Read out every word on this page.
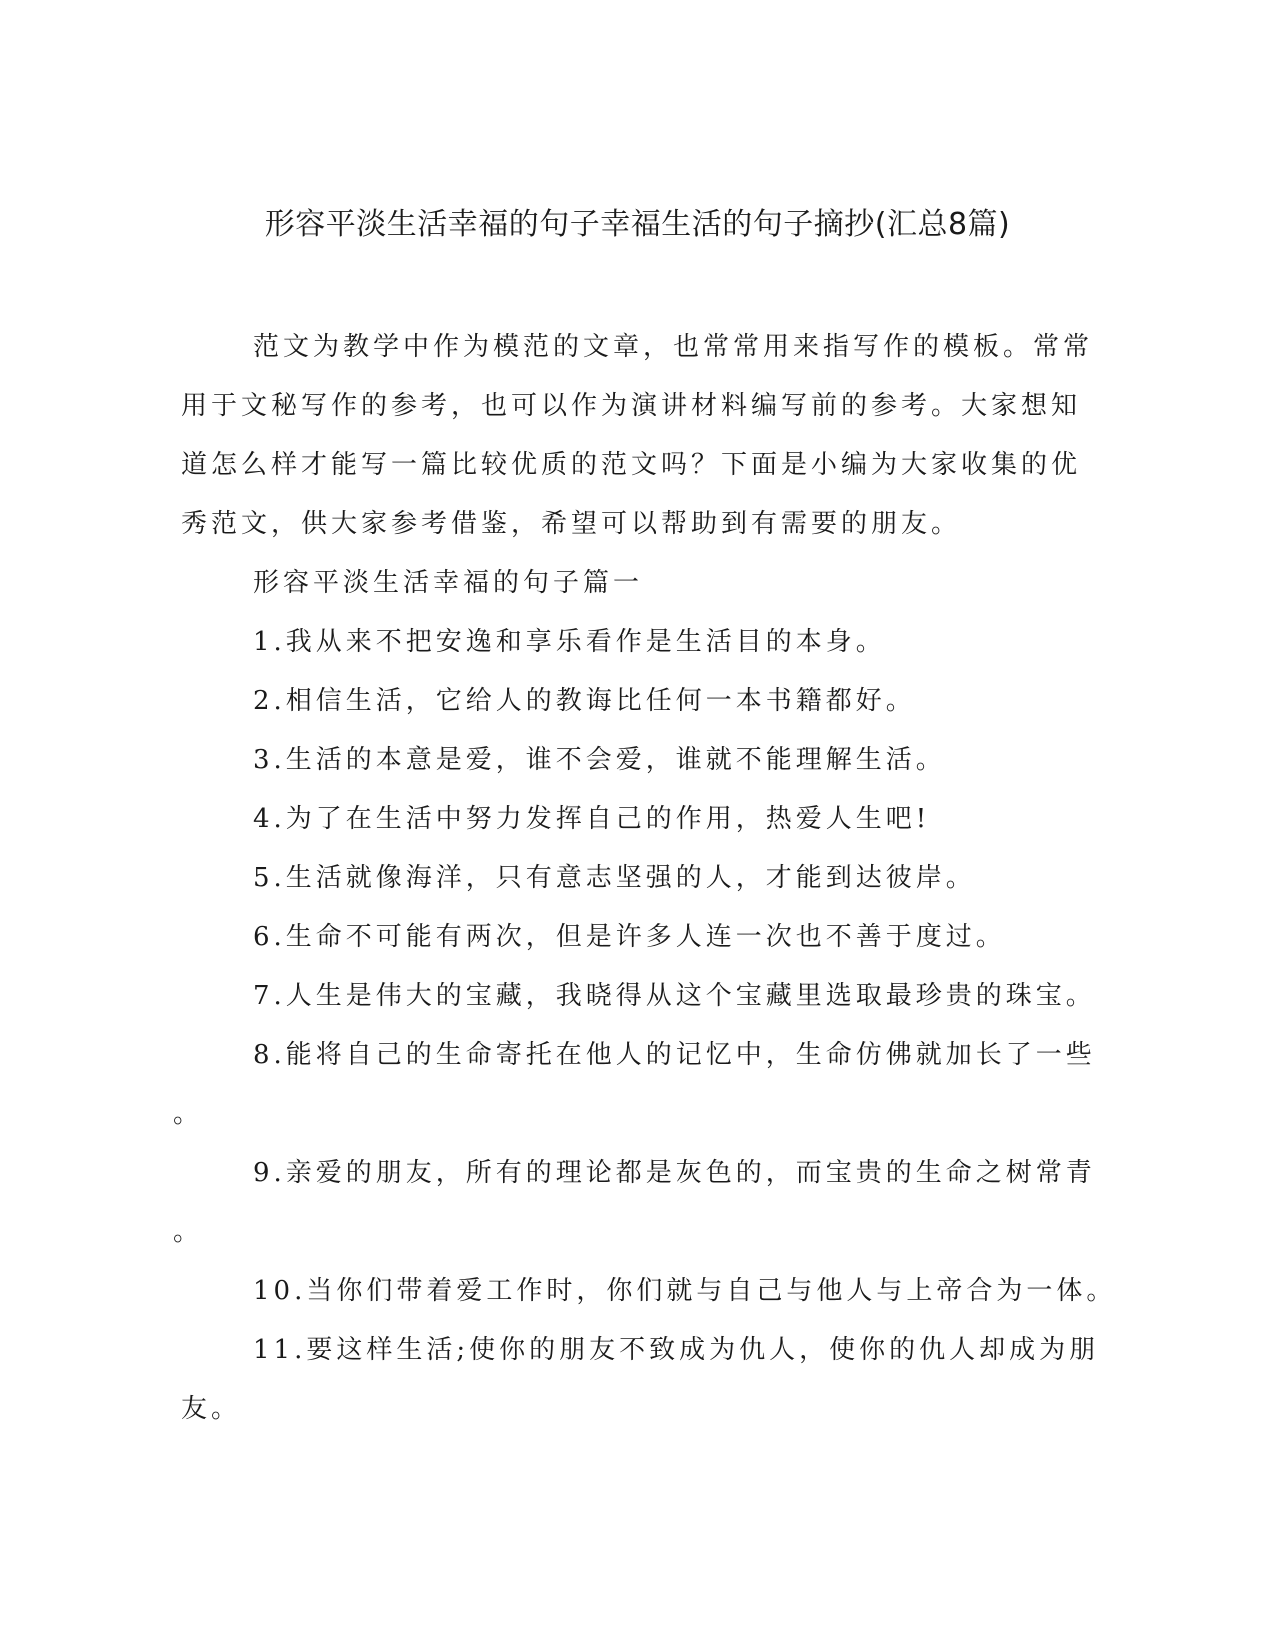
形容平淡生活幸福的句子幸福生活的句子摘抄(汇总8篇)

范文为教学中作为模范的文章，也常常用来指写作的模板。常常

用于文秘写作的参考，也可以作为演讲材料编写前的参考。大家想知

道怎么样才能写一篇比较优质的范文吗？下面是小编为大家收集的优

秀范文，供大家参考借鉴，希望可以帮助到有需要的朋友。

形容平淡生活幸福的句子篇一

1.我从来不把安逸和享乐看作是生活目的本身。

2.相信生活，它给人的教诲比任何一本书籍都好。

3.生活的本意是爱，谁不会爱，谁就不能理解生活。

4.为了在生活中努力发挥自己的作用，热爱人生吧!

5.生活就像海洋，只有意志坚强的人，才能到达彼岸。

6.生命不可能有两次，但是许多人连一次也不善于度过。

7.人生是伟大的宝藏，我晓得从这个宝藏里选取最珍贵的珠宝。

8.能将自己的生命寄托在他人的记忆中，生命仿佛就加长了一些

。

9.亲爱的朋友，所有的理论都是灰色的，而宝贵的生命之树常青

。

10.当你们带着爱工作时，你们就与自己与他人与上帝合为一体。

11.要这样生活;使你的朋友不致成为仇人，使你的仇人却成为朋

友。
